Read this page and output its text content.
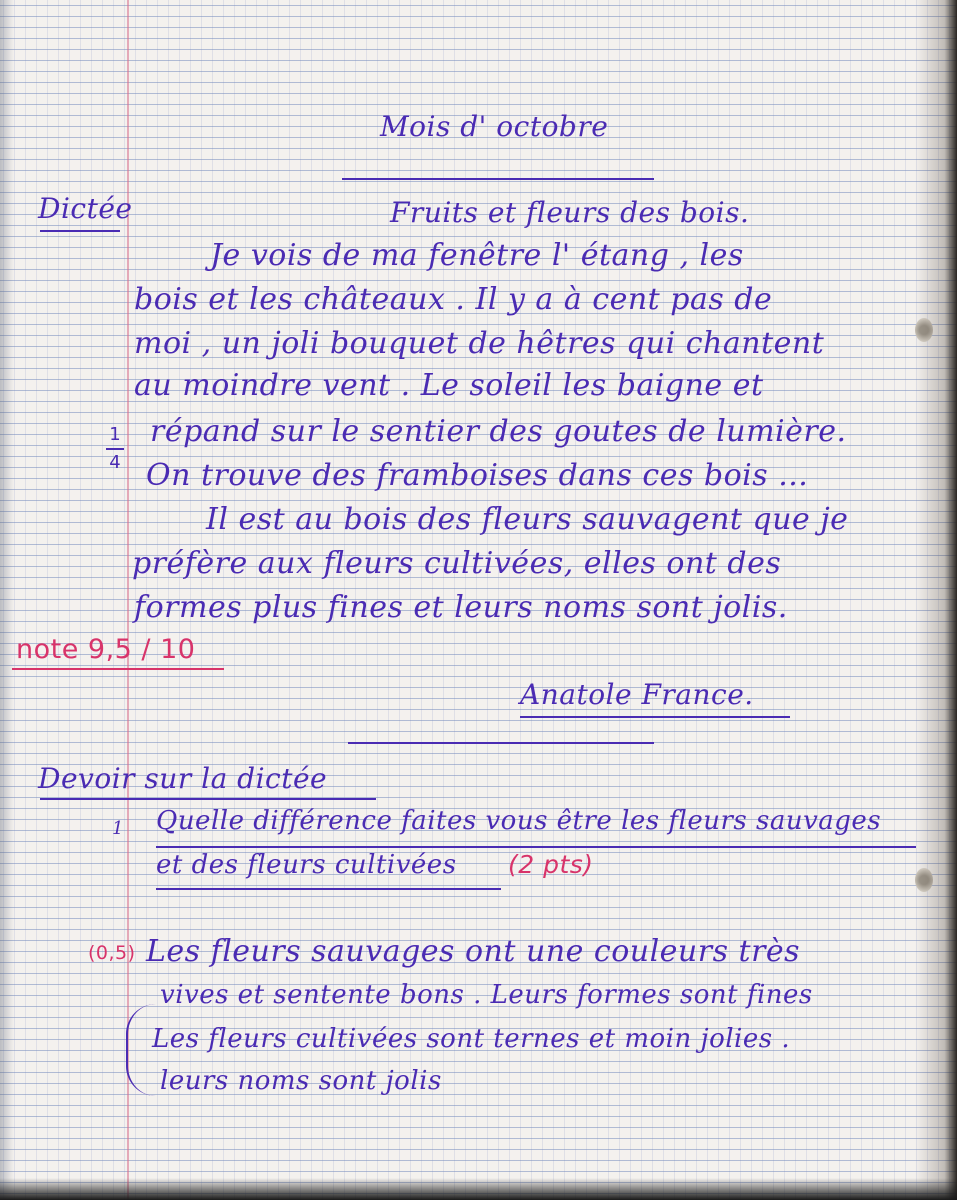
Mois d' octobre
Dictée	Fruits et fleurs des bois.
Je vois de ma fenêtre l' étang , les
bois et les châteaux . Il y a à cent pas de
moi , un joli bouquet de hêtres qui chantent
au moindre vent . Le soleil les baigne et
répand sur le sentier des goutes de lumière.
On trouve des framboises dans ces bois ...
Il est au bois des fleurs sauvagent que je
préfère aux fleurs cultivées, elles ont des
formes plus fines et leurs noms sont jolis.
1
4
note 9,5 / 10
Anatole France.
Devoir sur la dictée
1 Quelle différence faites vous être les fleurs sauvages
et des fleurs cultivées (2 pts)
(0,5) Les fleurs sauvages ont une couleurs très
vives et sentente bons . Leurs formes sont fines
Les fleurs cultivées sont ternes et moin jolies .
leurs noms sont jolis
